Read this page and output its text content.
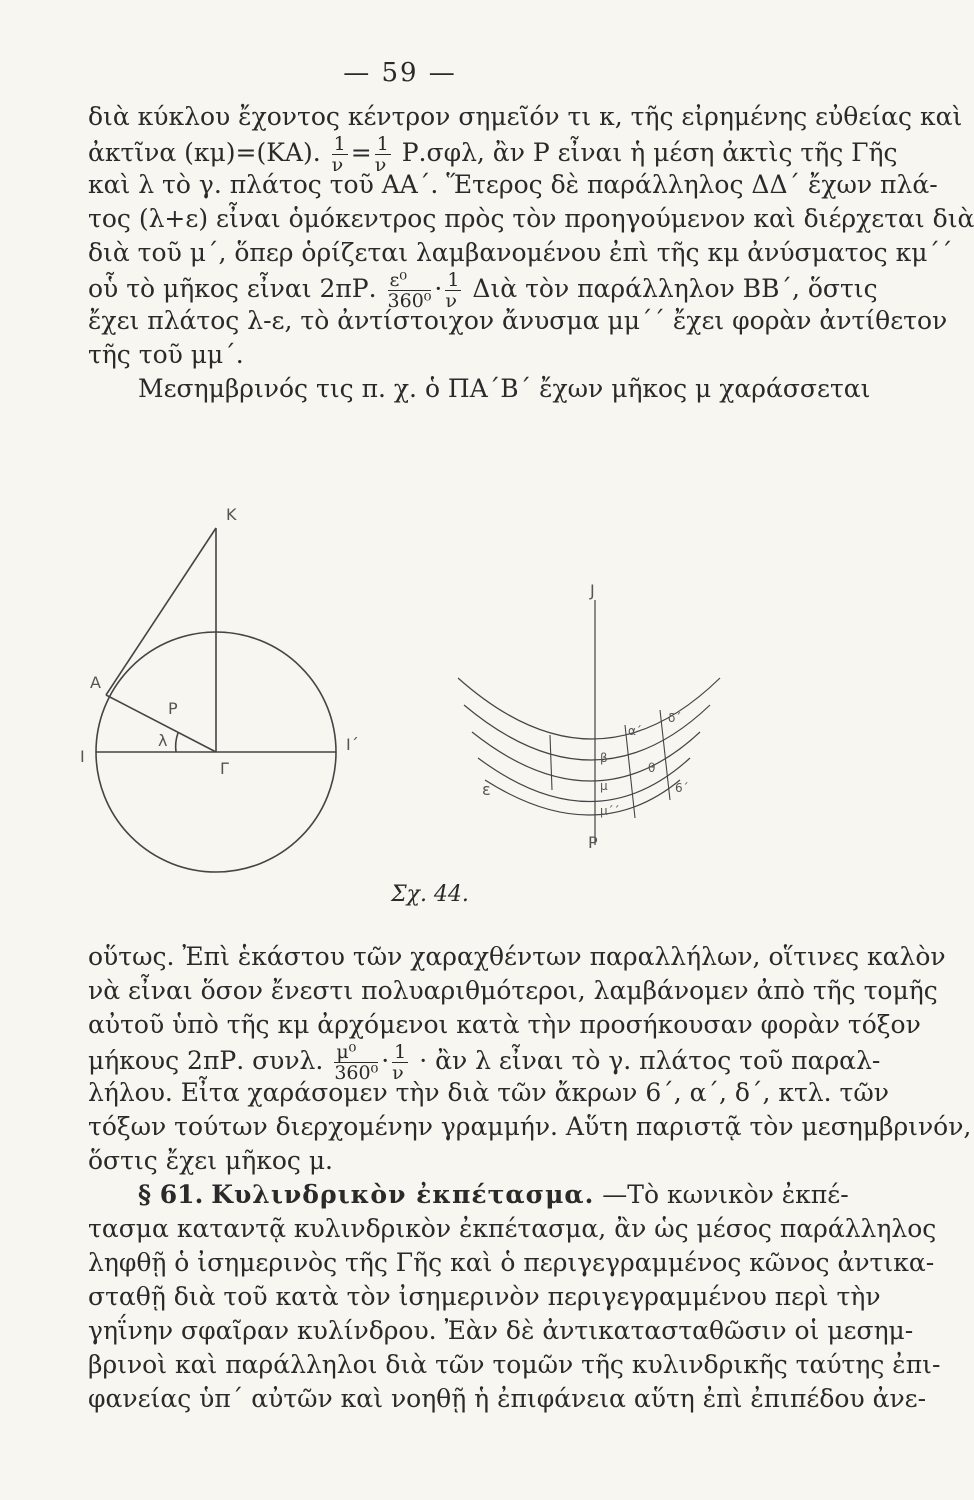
— 59 —
διὰ κύκλου ἔχοντος κέντρον σημεῖόν τι κ, τῆς εἰρημένης εὐθείας καὶ
ἀκτῖνα (κμ)=(ΚΑ). $\frac{1}{\nu} = \frac{1}{\nu} P.\sigma\varphi\lambda$, ἂν Ρ εἶναι ἡ μέση ἀκτὶς τῆς Γῆς
καὶ λ τὸ γ. πλάτος τοῦ ΑΑ΄. Ἕτερος δὲ παράλληλος ΔΔ΄ ἔχων πλά-
τος (λ+ε) εἶναι ὁμόκεντρος πρὸς τὸν προηγούμενον καὶ διέρχεται διὰ
διὰ τοῦ μ΄, ὅπερ ὁρίζεται λαμβανομένου ἐπὶ τῆς κμ ἀνύσματος κμ΄΄
οὗ τὸ μῆκος εἶναι 2πΡ. $\frac{\text{ε⁰}}{\text{360⁰}} \cdot \frac{1}{\nu}$ Διὰ τὸν παράλληλον ΒΒ΄, ὅστις
ἔχει πλάτος λ-ε, τὸ ἀντίστοιχον ἄνυσμα μμ΄΄ ἔχει φορὰν ἀντίθετον
τῆς τοῦ μμ΄.
Μεσημβρινός τις π. χ. ὁ ΠΑ΄Β΄ ἔχων μῆκος μ χαράσσεται
Κ
Α
Ρ
λ
Ι
Ι΄
Γ
J
Ρ
ε
α΄
δ΄
β
μ
θ
6΄
μ΄΄
Σχ. 44.
οὕτως. Ἐπὶ ἑκάστου τῶν χαραχθέντων παραλλήλων, οἵτινες καλὸν
νὰ εἶναι ὅσον ἔνεστι πολυαριθμότεροι, λαμβάνομεν ἀπὸ τῆς τομῆς
αὐτοῦ ὑπὸ τῆς κμ ἀρχόμενοι κατὰ τὴν προσήκουσαν φορὰν τόξον
μήκους 2πΡ. συνλ. $\frac{\text{μ⁰}}{\text{360⁰}} \cdot \frac{1}{\nu}$ · ἂν λ εἶναι τὸ γ. πλάτος τοῦ παραλ-
λήλου. Εἶτα χαράσομεν τὴν διὰ τῶν ἄκρων 6΄, α΄, δ΄, κτλ. τῶν
τόξων τούτων διερχομένην γραμμήν. Αὕτη παριστᾷ τὸν μεσημβρινόν,
ὅστις ἔχει μῆκος μ.
§ 61. Κυλινδρικὸν ἐκπέτασμα. —Τὸ κωνικὸν ἐκπέ-
τασμα καταντᾷ κυλινδρικὸν ἐκπέτασμα, ἂν ὡς μέσος παράλληλος
ληφθῇ ὁ ἰσημερινὸς τῆς Γῆς καὶ ὁ περιγεγραμμένος κῶνος ἀντικα-
σταθῇ διὰ τοῦ κατὰ τὸν ἰσημερινὸν περιγεγραμμένου περὶ τὴν
γηΐνην σφαῖραν κυλίνδρου. Ἐὰν δὲ ἀντικατασταθῶσιν οἱ μεσημ-
βρινοὶ καὶ παράλληλοι διὰ τῶν τομῶν τῆς κυλινδρικῆς ταύτης ἐπι-
φανείας ὑπ΄ αὐτῶν καὶ νοηθῇ ἡ ἐπιφάνεια αὕτη ἐπὶ ἐπιπέδου ἀνε-
